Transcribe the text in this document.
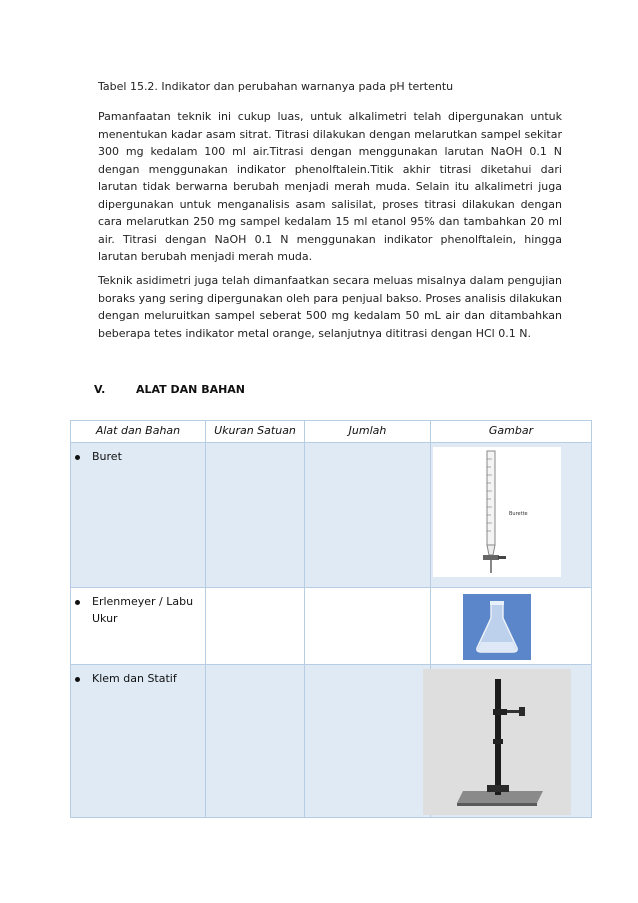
Tabel 15.2. Indikator dan perubahan warnanya pada pH tertentu

Pamanfaatan teknik ini cukup luas, untuk alkalimetri telah dipergunakan untuk menentukan kadar asam sitrat. Titrasi dilakukan dengan melarutkan sampel sekitar 300 mg kedalam 100 ml air.Titrasi dengan menggunakan larutan NaOH 0.1 N dengan menggunakan indikator phenolftalein.Titik akhir titrasi diketahui dari larutan tidak berwarna berubah menjadi merah muda. Selain itu alkalimetri juga dipergunakan untuk menganalisis asam salisilat, proses titrasi dilakukan dengan cara melarutkan 250 mg sampel kedalam 15 ml etanol 95% dan tambahkan 20 ml air. Titrasi dengan NaOH 0.1 N menggunakan indikator phenolftalein, hingga larutan berubah menjadi merah muda.

Teknik asidimetri juga telah dimanfaatkan secara meluas misalnya dalam pengujian boraks yang sering dipergunakan oleh para penjual bakso. Proses analisis dilakukan dengan meluruitkan sampel seberat 500 mg kedalam 50 mL air dan ditambahkan beberapa tetes indikator metal orange, selanjutnya dititrasi dengan HCl 0.1 N.

V.	ALAT DAN BAHAN
Alat dan Bahan	Ukuran Satuan	Jumlah	Gambar

Buret			Burette

Erlenmeyer / Labu Ukur

Klem dan Statif
